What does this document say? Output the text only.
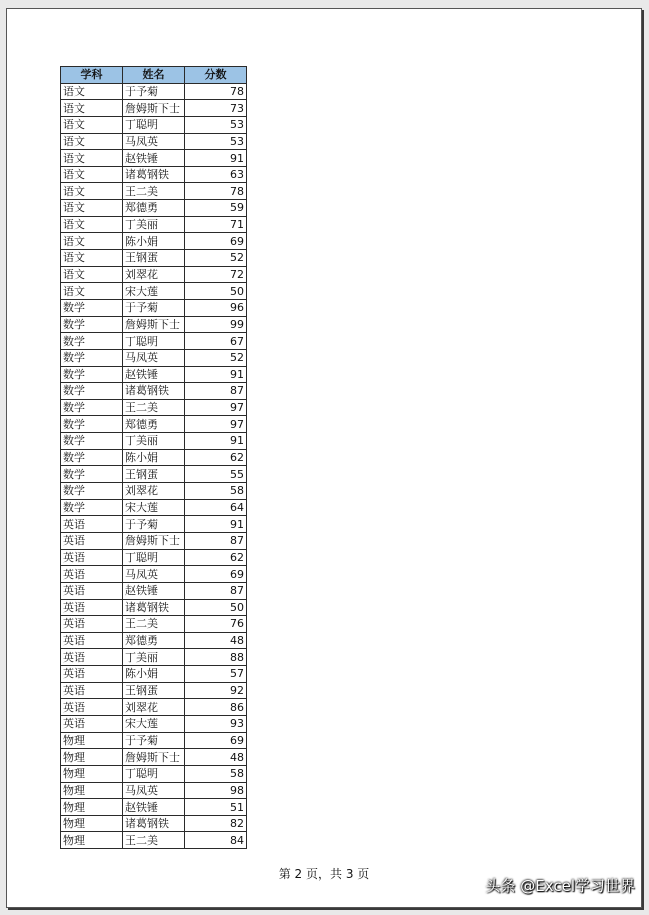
学科	姓名	分数
语文	于予菊	78
语文	詹姆斯下士	73
语文	丁聪明	53
语文	马凤英	53
语文	赵铁锤	91
语文	诸葛钢铁	63
语文	王二美	78
语文	郑德勇	59
语文	丁美丽	71
语文	陈小娟	69
语文	王钢蛋	52
语文	刘翠花	72
语文	宋大莲	50
数学	于予菊	96
数学	詹姆斯下士	99
数学	丁聪明	67
数学	马凤英	52
数学	赵铁锤	91
数学	诸葛钢铁	87
数学	王二美	97
数学	郑德勇	97
数学	丁美丽	91
数学	陈小娟	62
数学	王钢蛋	55
数学	刘翠花	58
数学	宋大莲	64
英语	于予菊	91
英语	詹姆斯下士	87
英语	丁聪明	62
英语	马凤英	69
英语	赵铁锤	87
英语	诸葛钢铁	50
英语	王二美	76
英语	郑德勇	48
英语	丁美丽	88
英语	陈小娟	57
英语	王钢蛋	92
英语	刘翠花	86
英语	宋大莲	93
物理	于予菊	69
物理	詹姆斯下士	48
物理	丁聪明	58
物理	马凤英	98
物理	赵铁锤	51
物理	诸葛钢铁	82
物理	王二美	84
第 2 页，共 3 页
头条 @Excel学习世界
